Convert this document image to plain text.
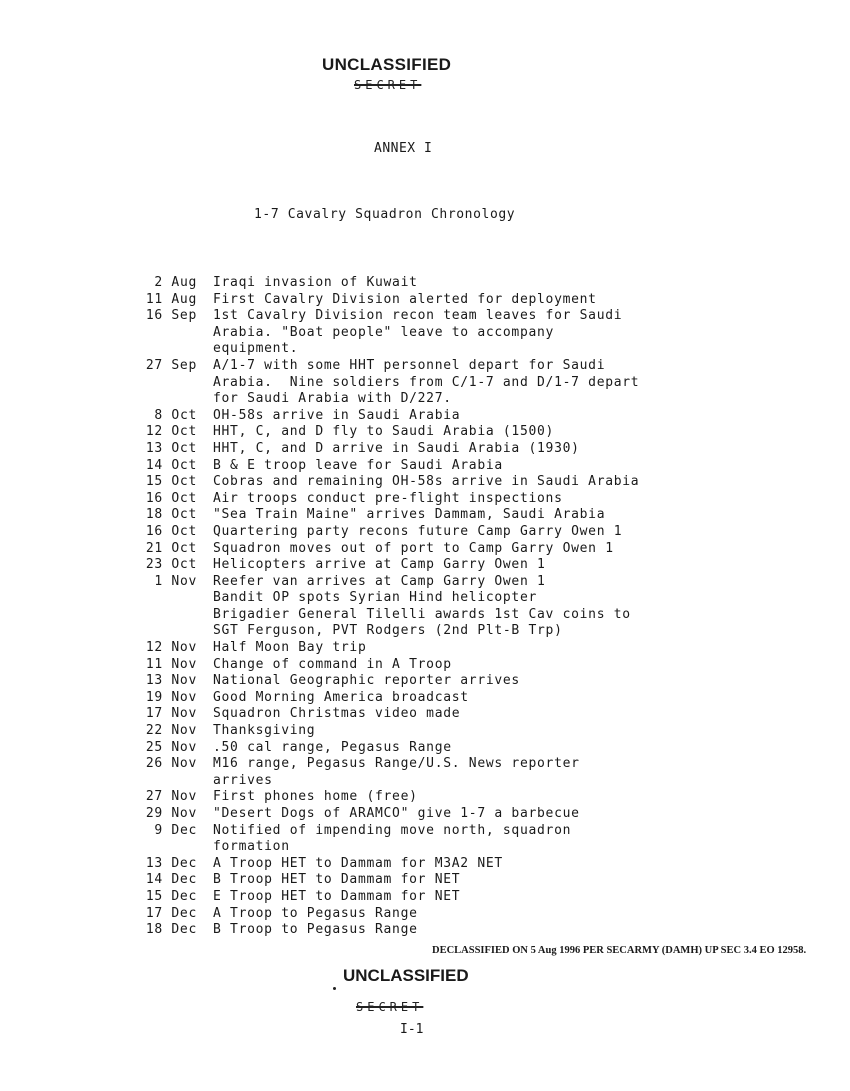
UNCLASSIFIED
SECRET
ANNEX I
1-7 Cavalry Squadron Chronology
2 Aug Iraqi invasion of Kuwait
11 Aug First Cavalry Division alerted for deployment
16 Sep 1st Cavalry Division recon team leaves for Saudi
Arabia. "Boat people" leave to accompany
equipment.
27 Sep A/1-7 with some HHT personnel depart for Saudi
Arabia.  Nine soldiers from C/1-7 and D/1-7 depart
for Saudi Arabia with D/227.
8 Oct OH-58s arrive in Saudi Arabia
12 Oct HHT, C, and D fly to Saudi Arabia (1500)
13 Oct HHT, C, and D arrive in Saudi Arabia (1930)
14 Oct B & E troop leave for Saudi Arabia
15 Oct Cobras and remaining OH-58s arrive in Saudi Arabia
16 Oct Air troops conduct pre-flight inspections
18 Oct "Sea Train Maine" arrives Dammam, Saudi Arabia
16 Oct Quartering party recons future Camp Garry Owen 1
21 Oct Squadron moves out of port to Camp Garry Owen 1
23 Oct Helicopters arrive at Camp Garry Owen 1
1 Nov Reefer van arrives at Camp Garry Owen 1
Bandit OP spots Syrian Hind helicopter
Brigadier General Tilelli awards 1st Cav coins to
SGT Ferguson, PVT Rodgers (2nd Plt-B Trp)
12 Nov Half Moon Bay trip
11 Nov Change of command in A Troop
13 Nov National Geographic reporter arrives
19 Nov Good Morning America broadcast
17 Nov Squadron Christmas video made
22 Nov Thanksgiving
25 Nov .50 cal range, Pegasus Range
26 Nov M16 range, Pegasus Range/U.S. News reporter
arrives
27 Nov First phones home (free)
29 Nov "Desert Dogs of ARAMCO" give 1-7 a barbecue
9 Dec Notified of impending move north, squadron
formation
13 Dec A Troop HET to Dammam for M3A2 NET
14 Dec B Troop HET to Dammam for NET
15 Dec E Troop HET to Dammam for NET
17 Dec A Troop to Pegasus Range
18 Dec B Troop to Pegasus Range
DECLASSIFIED ON 5 Aug 1996 PER SECARMY (DAMH) UP SEC 3.4 EO 12958.
UNCLASSIFIED
SECRET
I-1
